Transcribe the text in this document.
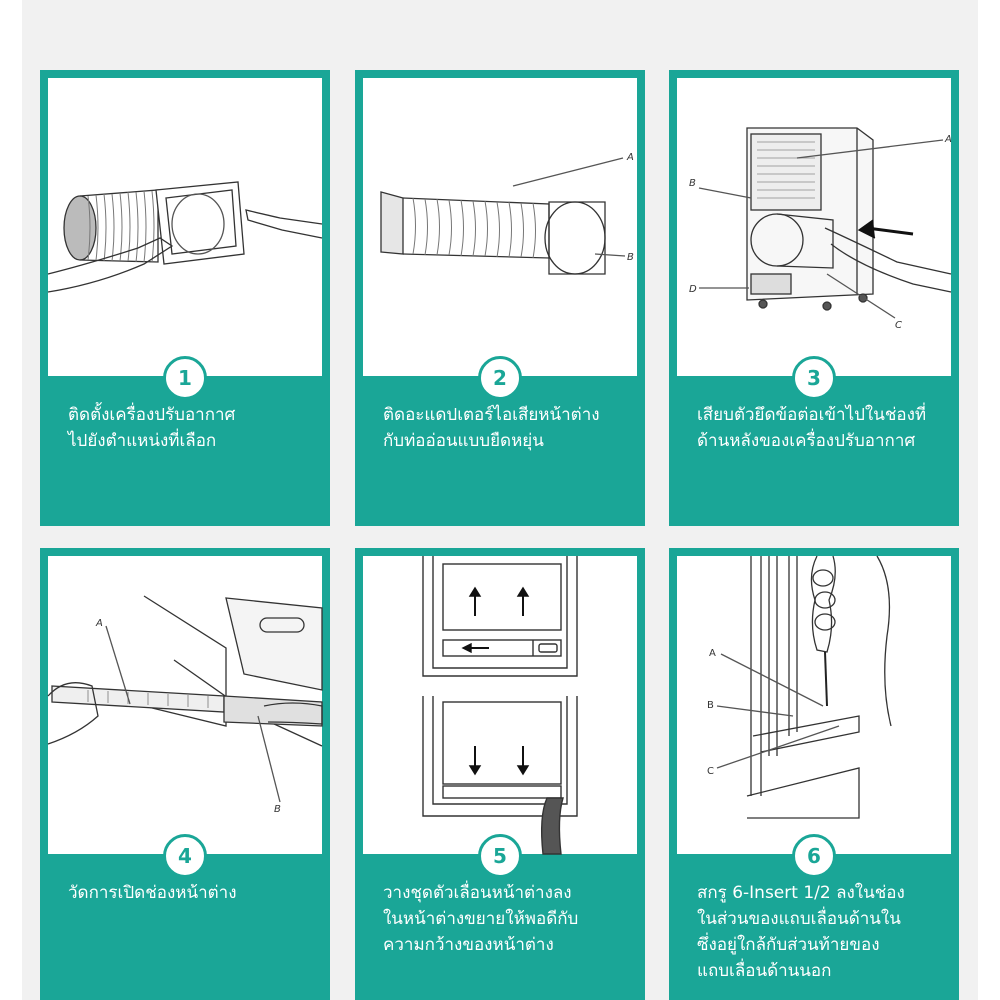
1
ติดตั้งเครื่องปรับอากาศ
ไปยังตำแหน่งที่เลือก
A
B
2
ติดอะแดปเตอร์ไอเสียหน้าต่าง
กับท่ออ่อนแบบยืดหยุ่น
A
B
C
D
3
เสียบตัวยึดข้อต่อเข้าไปในช่องที่
ด้านหลังของเครื่องปรับอากาศ
A
B
4
วัดการเปิดช่องหน้าต่าง
5
วางชุดตัวเลื่อนหน้าต่างลง
ในหน้าต่างขยายให้พอดีกับ
ความกว้างของหน้าต่าง
A
B
C
6
สกรู 6-Insert 1/2 ลงในช่อง
ในส่วนของแถบเลื่อนด้านใน
ซึ่งอยู่ใกล้กับส่วนท้ายของ
แถบเลื่อนด้านนอก
